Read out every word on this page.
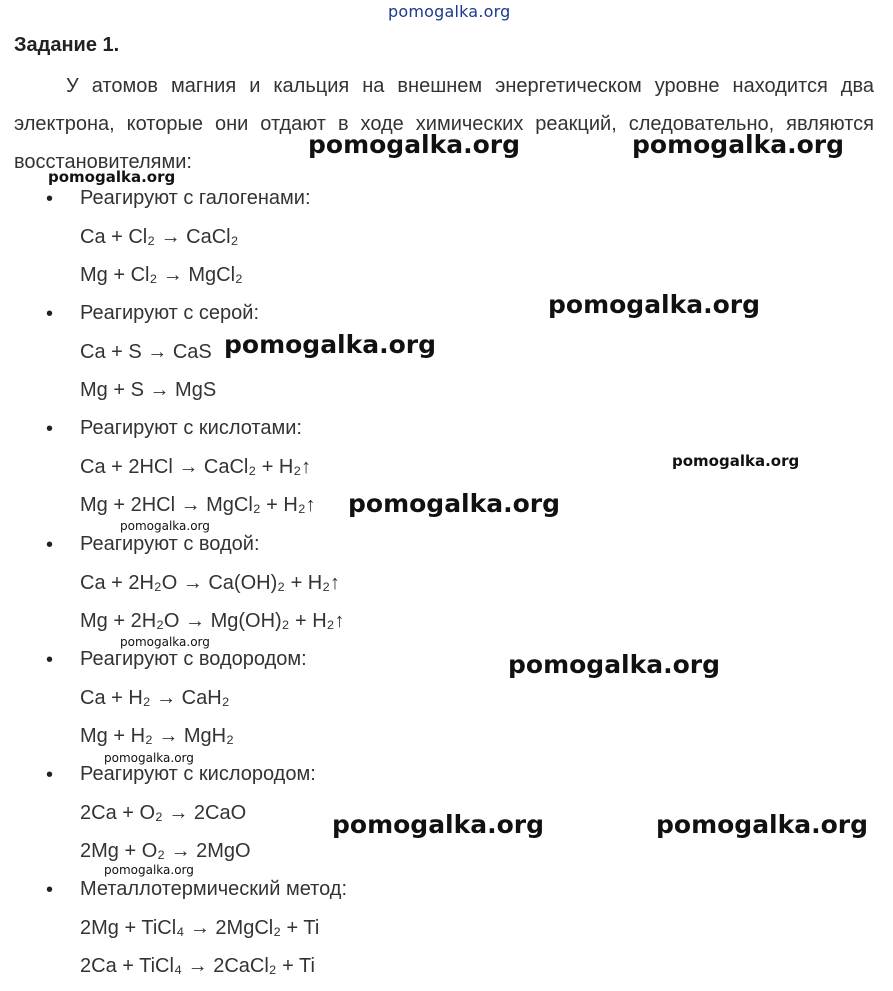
pomogalka.org
Задание 1.

У атомов магния и кальция на внешнем энергетическом уровне находится два электрона, которые они отдают в ходе химических реакций, следовательно, являются восстановителями:

• Реагируют с галогенами:
Ca + Cl₂ → CaCl₂
Mg + Cl₂ → MgCl₂
• Реагируют с серой:
Ca + S → CaS
Mg + S → MgS
• Реагируют с кислотами:
Ca + 2HCl → CaCl₂ + H₂↑
Mg + 2HCl → MgCl₂ + H₂↑
• Реагируют с водой:
Ca + 2H₂O → Ca(OH)₂ + H₂↑
Mg + 2H₂O → Mg(OH)₂ + H₂↑
• Реагируют с водородом:
Ca + H₂ → CaH₂
Mg + H₂ → MgH₂
• Реагируют с кислородом:
2Ca + O₂ → 2CaO
2Mg + O₂ → 2MgO
• Металлотермический метод:
2Mg + TiCl₄ → 2MgCl₂ + Ti
2Ca + TiCl₄ → 2CaCl₂ + Ti
pomogalka.org	pomogalka.org
pomogalka.org
pomogalka.org
pomogalka.org
pomogalka.org
pomogalka.org
pomogalka.org
pomogalka.org
pomogalka.org
pomogalka.org
pomogalka.org	pomogalka.org
pomogalka.org
